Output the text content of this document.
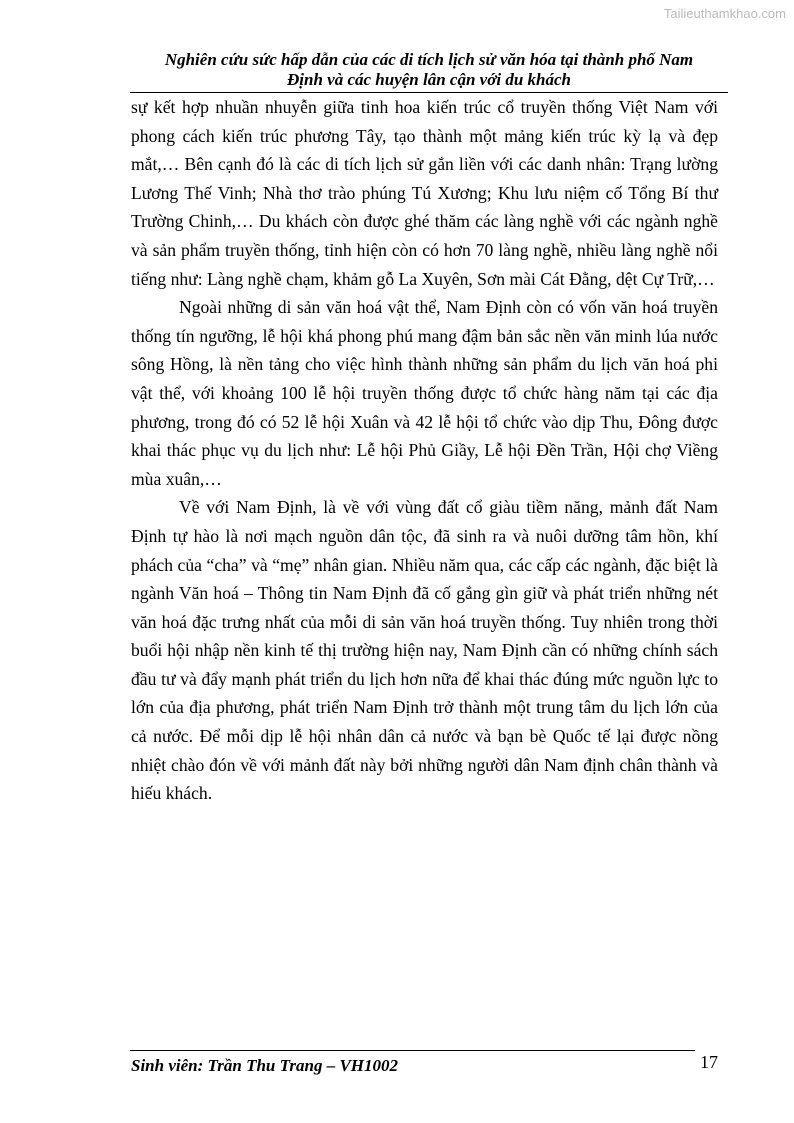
Tailieuthamkhao.com
Nghiên cứu sức hấp dẫn của các di tích lịch sử văn hóa tại thành phố Nam
Định và các huyện lân cận với du khách

sự kết hợp nhuần nhuyễn giữa tinh hoa kiến trúc cổ truyền thống Việt Nam với phong cách kiến trúc phương Tây, tạo thành một mảng kiến trúc kỳ lạ và đẹp mắt,… Bên cạnh đó là các di tích lịch sử gắn liền với các danh nhân: Trạng lường Lương Thế Vinh; Nhà thơ trào phúng Tú Xương; Khu lưu niệm cố Tổng Bí thư Trường Chinh,… Du khách còn được ghé thăm các làng nghề với các ngành nghề và sản phẩm truyền thống, tỉnh hiện còn có hơn 70 làng nghề, nhiều làng nghề nổi tiếng như: Làng nghề chạm, khảm gỗ La Xuyên, Sơn mài Cát Đằng, dệt Cự Trữ,…

Ngoài những di sản văn hoá vật thể, Nam Định còn có vốn văn hoá truyền thống tín ngưỡng, lễ hội khá phong phú mang đậm bản sắc nền văn minh lúa nước sông Hồng, là nền tảng cho việc hình thành những sản phẩm du lịch văn hoá phi vật thể, với khoảng 100 lễ hội truyền thống được tổ chức hàng năm tại các địa phương, trong đó có 52 lễ hội Xuân và 42 lễ hội tổ chức vào dịp Thu, Đông được khai thác phục vụ du lịch như: Lễ hội Phủ Giầy, Lễ hội Đền Trần, Hội chợ Viềng mùa xuân,…

Về với Nam Định, là về với vùng đất cổ giàu tiềm năng, mảnh đất Nam Định tự hào là nơi mạch nguồn dân tộc, đã sinh ra và nuôi dưỡng tâm hồn, khí phách của “cha” và “mẹ” nhân gian. Nhiều năm qua, các cấp các ngành, đặc biệt là ngành Văn hoá – Thông tin Nam Định đã cố gắng gìn giữ và phát triển những nét văn hoá đặc trưng nhất của mỗi di sản văn hoá truyền thống. Tuy nhiên trong thời buổi hội nhập nền kinh tế thị trường hiện nay, Nam Định cần có những chính sách đầu tư và đẩy mạnh phát triển du lịch hơn nữa để khai thác đúng mức nguồn lực to lớn của địa phương, phát triển Nam Định trở thành một trung tâm du lịch lớn của cả nước. Để mỗi dịp lễ hội nhân dân cả nước và bạn bè Quốc tế lại được nồng nhiệt chào đón về với mảnh đất này bởi những người dân Nam định chân thành và hiếu khách.

Sinh viên: Trần Thu Trang – VH1002	17
